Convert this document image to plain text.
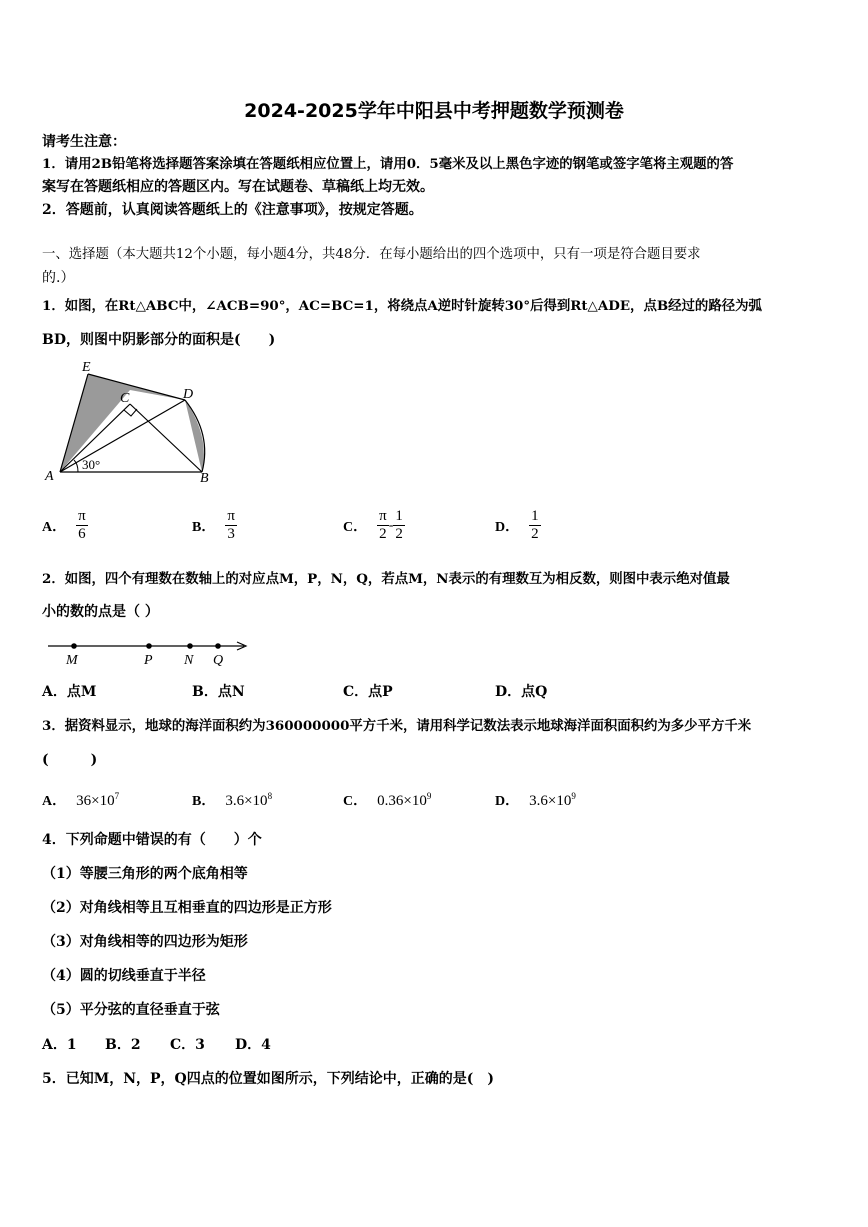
2024-2025学年中阳县中考押题数学预测卷
请考生注意：
1．请用2B铅笔将选择题答案涂填在答题纸相应位置上，请用0．5毫米及以上黑色字迹的钢笔或签字笔将主观题的答
案写在答题纸相应的答题区内。写在试题卷、草稿纸上均无效。
2．答题前，认真阅读答题纸上的《注意事项》，按规定答题。
一、选择题（本大题共12个小题，每小题4分，共48分．在每小题给出的四个选项中，只有一项是符合题目要求
的.）
1．如图，在Rt△ABC中，∠ACB=90°，AC=BC=1，将绕点A逆时针旋转30°后得到Rt△ADE，点B经过的路径为弧
BD，则图中阴影部分的面积是(　　)
E
C	D
A	B
30°
A． $\frac{\pi}{6}$	B． $\frac{\pi}{3}$	C． $\frac{\pi}{2} - \frac{1}{2}$	D． $\frac{1}{2}$
2．如图，四个有理数在数轴上的对应点M，P，N，Q，若点M，N表示的有理数互为相反数，则图中表示绝对值最
小的数的点是（ ）
M	P N Q
A．点M	B．点N	C．点P	D．点Q
3．据资料显示，地球的海洋面积约为360000000平方千米，请用科学记数法表示地球海洋面积面积约为多少平方千米
(　　　)
A． $36\times 10^7$	B． $3.6\times 10^8$	C． $0.36\times 10^9$	D． $3.6\times 10^9$
4．下列命题中错误的有（　　）个
（1）等腰三角形的两个底角相等
（2）对角线相等且互相垂直的四边形是正方形
（3）对角线相等的四边形为矩形
（4）圆的切线垂直于半径
（5）平分弦的直径垂直于弦
A．1 B．2 C．3 D．4
5．已知M，N，P，Q四点的位置如图所示，下列结论中，正确的是(　)
